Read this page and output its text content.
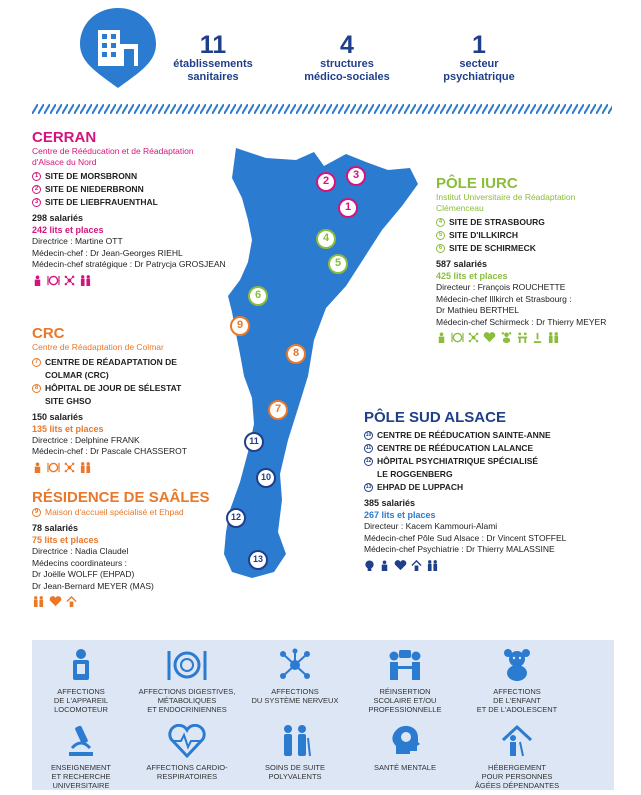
11
établissements
sanitaires
4
structures
médico-sociales
1
secteur
psychiatrique
1
2	3
4
5
6
7
8
9
10
11
12
13
CERRAN
Centre de Rééducation et de Réadaptation
d'Alsace du Nord
1 SITE DE MORSBRONN
2 SITE DE NIEDERBRONN
3 SITE DE LIEBFRAUENTHAL
298 salariés
242 lits et places
Directrice : Martine OTT
Médecin-chef : Dr Jean-Georges RIEHL
Médecin-chef stratégique : Dr Patrycja GROSJEAN
CRC
Centre de Réadaptation de Colmar
7 CENTRE DE RÉADAPTATION DE
COLMAR (CRC)
8 HÔPITAL DE JOUR DE SÉLESTAT
SITE GHSO
150 salariés
135 lits et places
Directrice : Delphine FRANK
Médecin-chef : Dr Pascale CHASSEROT
RÉSIDENCE DE SAÂLES
9 Maison d'accueil spécialisé et Ehpad
78 salariés
75 lits et places
Directrice : Nadia Claudel
Médecins coordinateurs :
Dr Joëlle WOLFF (EHPAD)
Dr Jean-Bernard MEYER (MAS)
PÔLE IURC
Institut Universitaire de Réadaptation
Clémenceau
4 SITE DE STRASBOURG
5 SITE D'ILLKIRCH
6 SITE DE SCHIRMECK
587 salariés
425 lits et places
Directeur : François ROUCHETTE
Médecin-chef Illkirch et Strasbourg :
Dr Mathieu BERTHEL
Médecin-chef Schirmeck : Dr Thierry MEYER
PÔLE SUD ALSACE
10 CENTRE DE RÉÉDUCATION SAINTE-ANNE
11 CENTRE DE RÉÉDUCATION LALANCE
12 HÔPITAL PSYCHIATRIQUE SPÉCIALISÉ
LE ROGGENBERG
13 EHPAD DE LUPPACH
385 salariés
267 lits et places
Directeur : Kacem Kammouri-Alami
Médecin-chef Pôle Sud Alsace : Dr Vincent STOFFEL
Médecin-chef Psychiatrie : Dr Thierry MALASSINE
AFFECTIONS
DE L'APPAREIL
LOCOMOTEUR
AFFECTIONS DIGESTIVES,
MÉTABOLIQUES
ET ENDOCRINIENNES
AFFECTIONS
DU SYSTÈME NERVEUX
RÉINSERTION
SCOLAIRE ET/OU
PROFESSIONNELLE
AFFECTIONS
DE L'ENFANT
ET DE L'ADOLESCENT
ENSEIGNEMENT
ET RECHERCHE
UNIVERSITAIRE
AFFECTIONS CARDIO-
RESPIRATOIRES
SOINS DE SUITE
POLYVALENTS
SANTÉ MENTALE	HÉBERGEMENT
POUR PERSONNES
ÂGÉES DÉPENDANTES
